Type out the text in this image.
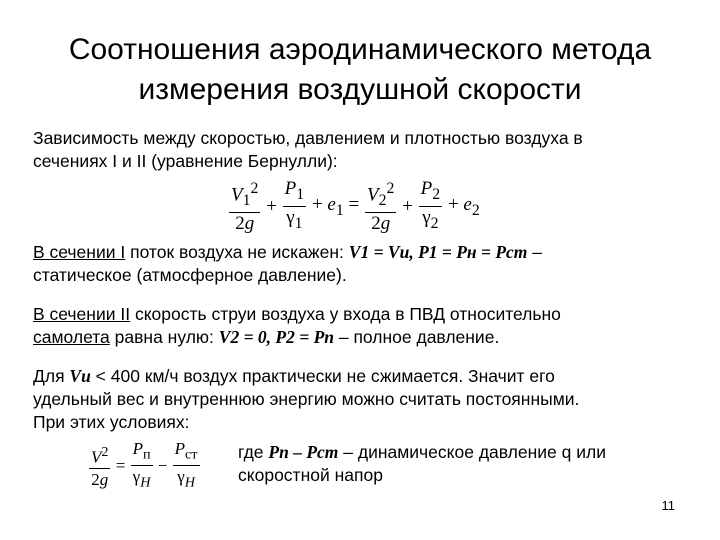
Соотношения аэродинамического метода
измерения воздушной скорости
Зависимость между скоростью, давлением и плотностью воздуха в
сечениях I и II (уравнение Бернулли):
$\frac{V_1^2}{2g} + \frac{P_1}{\gamma_1} + e_1 = \frac{V_2^2}{2g} + \frac{P_2}{\gamma_2} + e_2$
В сечении I поток воздуха не искажен: V1 = Vи, P1 = Pн = Pст –
статическое (атмосферное давление).
В сечении II скорость струи воздуха у входа в ПВД относительно
самолета равна нулю: V2 = 0, P2 = Pп – полное давление.
Для Vи < 400 км/ч воздух практически не сжимается. Значит его
удельный вес и внутреннюю энергию можно считать постоянными.
При этих условиях:
$\frac{V^2}{2g} = \frac{P_п}{\gamma_H} - \frac{P_{ст}}{\gamma_H}$ где Pп – Pст – динамическое давление q или
скоростной напор
11
